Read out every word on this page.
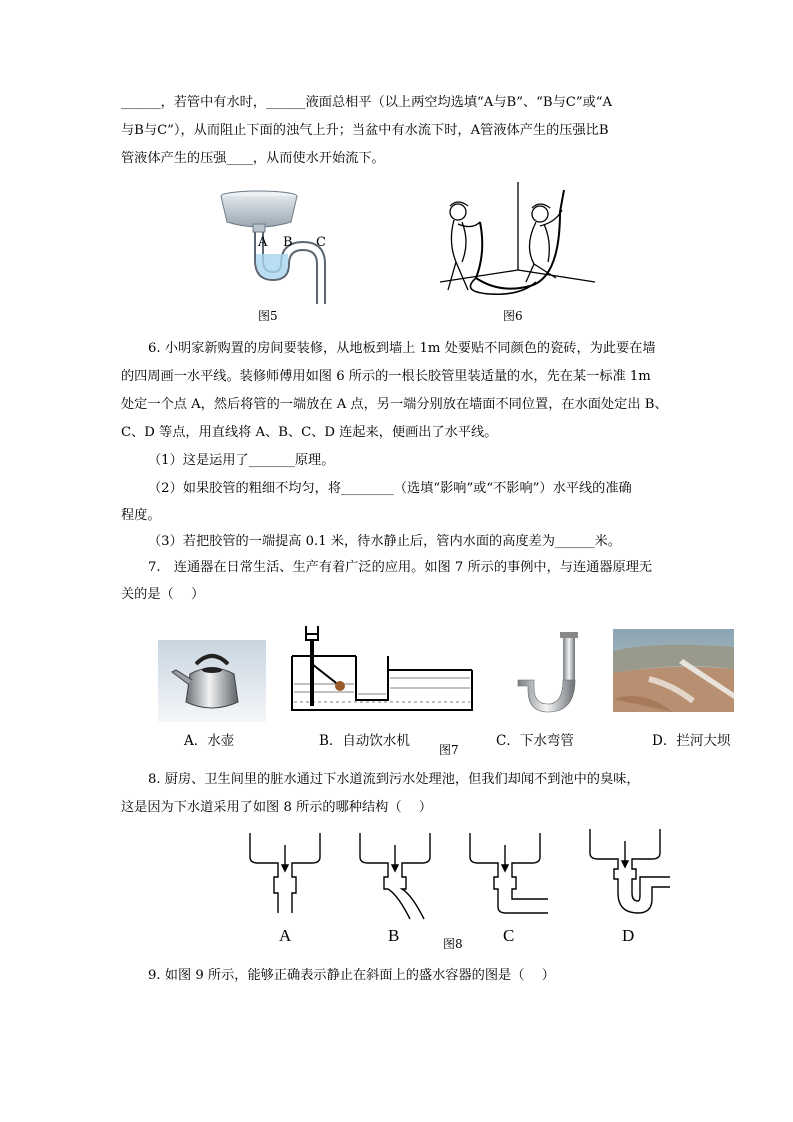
______，若管中有水时，______液面总相平（以上两空均选填“A与B”、“B与C”或“A
与B与C”），从而阻止下面的浊气上升；当盆中有水流下时，A管液体产生的压强比B
管液体产生的压强____，从而使水开始流下。
A B C
图5	图6
6. 小明家新购置的房间要装修，从地板到墙上 1m 处要贴不同颜色的瓷砖，为此要在墙
的四周画一水平线。装修师傅用如图 6 所示的一根长胶管里装适量的水，先在某一标准 1m
处定一个点 A，然后将管的一端放在 A 点，另一端分别放在墙面不同位置，在水面处定出 B、
C、D 等点，用直线将 A、B、C、D 连起来，便画出了水平线。
（1）这是运用了_______原理。
（2）如果胶管的粗细不均匀，将________（选填“影响”或“不影响”）水平线的准确
程度。
（3）若把胶管的一端提高 0.1 米，待水静止后，管内水面的高度差为______米。
7.　连通器在日常生活、生产有着广泛的应用。如图 7 所示的事例中，与连通器原理无
关的是（　 ）
A．水壶	B．自动饮水机	C．下水弯管	D．拦河大坝
图7
8. 厨房、卫生间里的脏水通过下水道流到污水处理池，但我们却闻不到池中的臭味，
这是因为下水道采用了如图 8 所示的哪种结构（　 ）
A	B	C	D
图8
9. 如图 9 所示，能够正确表示静止在斜面上的盛水容器的图是（　 ）
